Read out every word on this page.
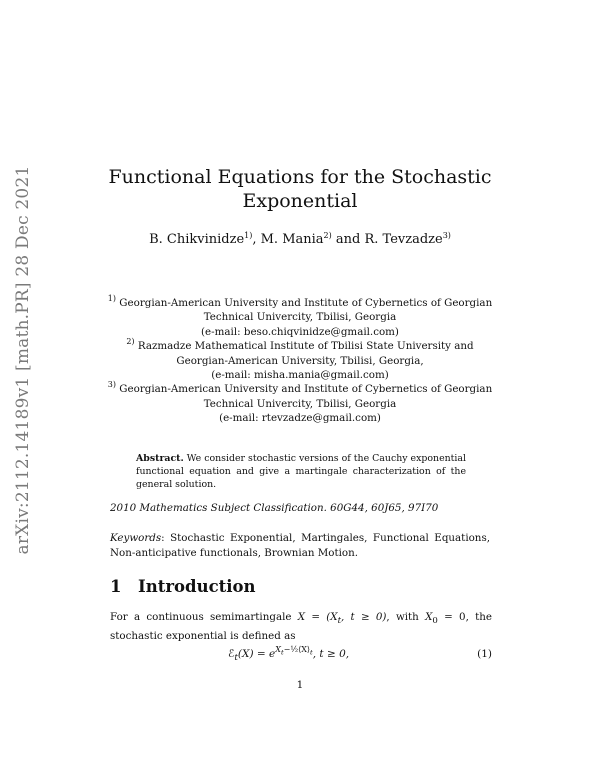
arXiv:2112.14189v1 [math.PR] 28 Dec 2021	Functional Equations for the Stochastic
Exponential
B. Chikvinidze$^{1)}$, M. Mania$^{2)}$ and R. Tevzadze$^{3)}$
$^{1)}$ Georgian-American University and Institute of Cybernetics of Georgian
Technical Univercity, Tbilisi, Georgia
(e-mail: beso.chiqvinidze@gmail.com)
$^{2)}$ Razmadze Mathematical Institute of Tbilisi State University and
Georgian-American University, Tbilisi, Georgia,
(e-mail: misha.mania@gmail.com)
$^{3)}$ Georgian-American University and Institute of Cybernetics of Georgian
Technical Univercity, Tbilisi, Georgia
(e-mail: rtevzadze@gmail.com)
Abstract. We consider stochastic versions of the Cauchy exponential functional equation and give a martingale characterization of the general solution.
2010 Mathematics Subject Classification. 60G44, 60J65, 97I70
Keywords: Stochastic Exponential, Martingales, Functional Equations, Non-anticipative functionals, Brownian Motion.
1 Introduction
For a continuous semimartingale $X = (X_t$, t ≥ 0), with $X_0 = 0$, the stochastic exponential is defined as
ℰ$_t$(X) = $e^{X_t-\frac{1}{2}⟨X⟩_t}$, t ≥ 0,	(1)
1
